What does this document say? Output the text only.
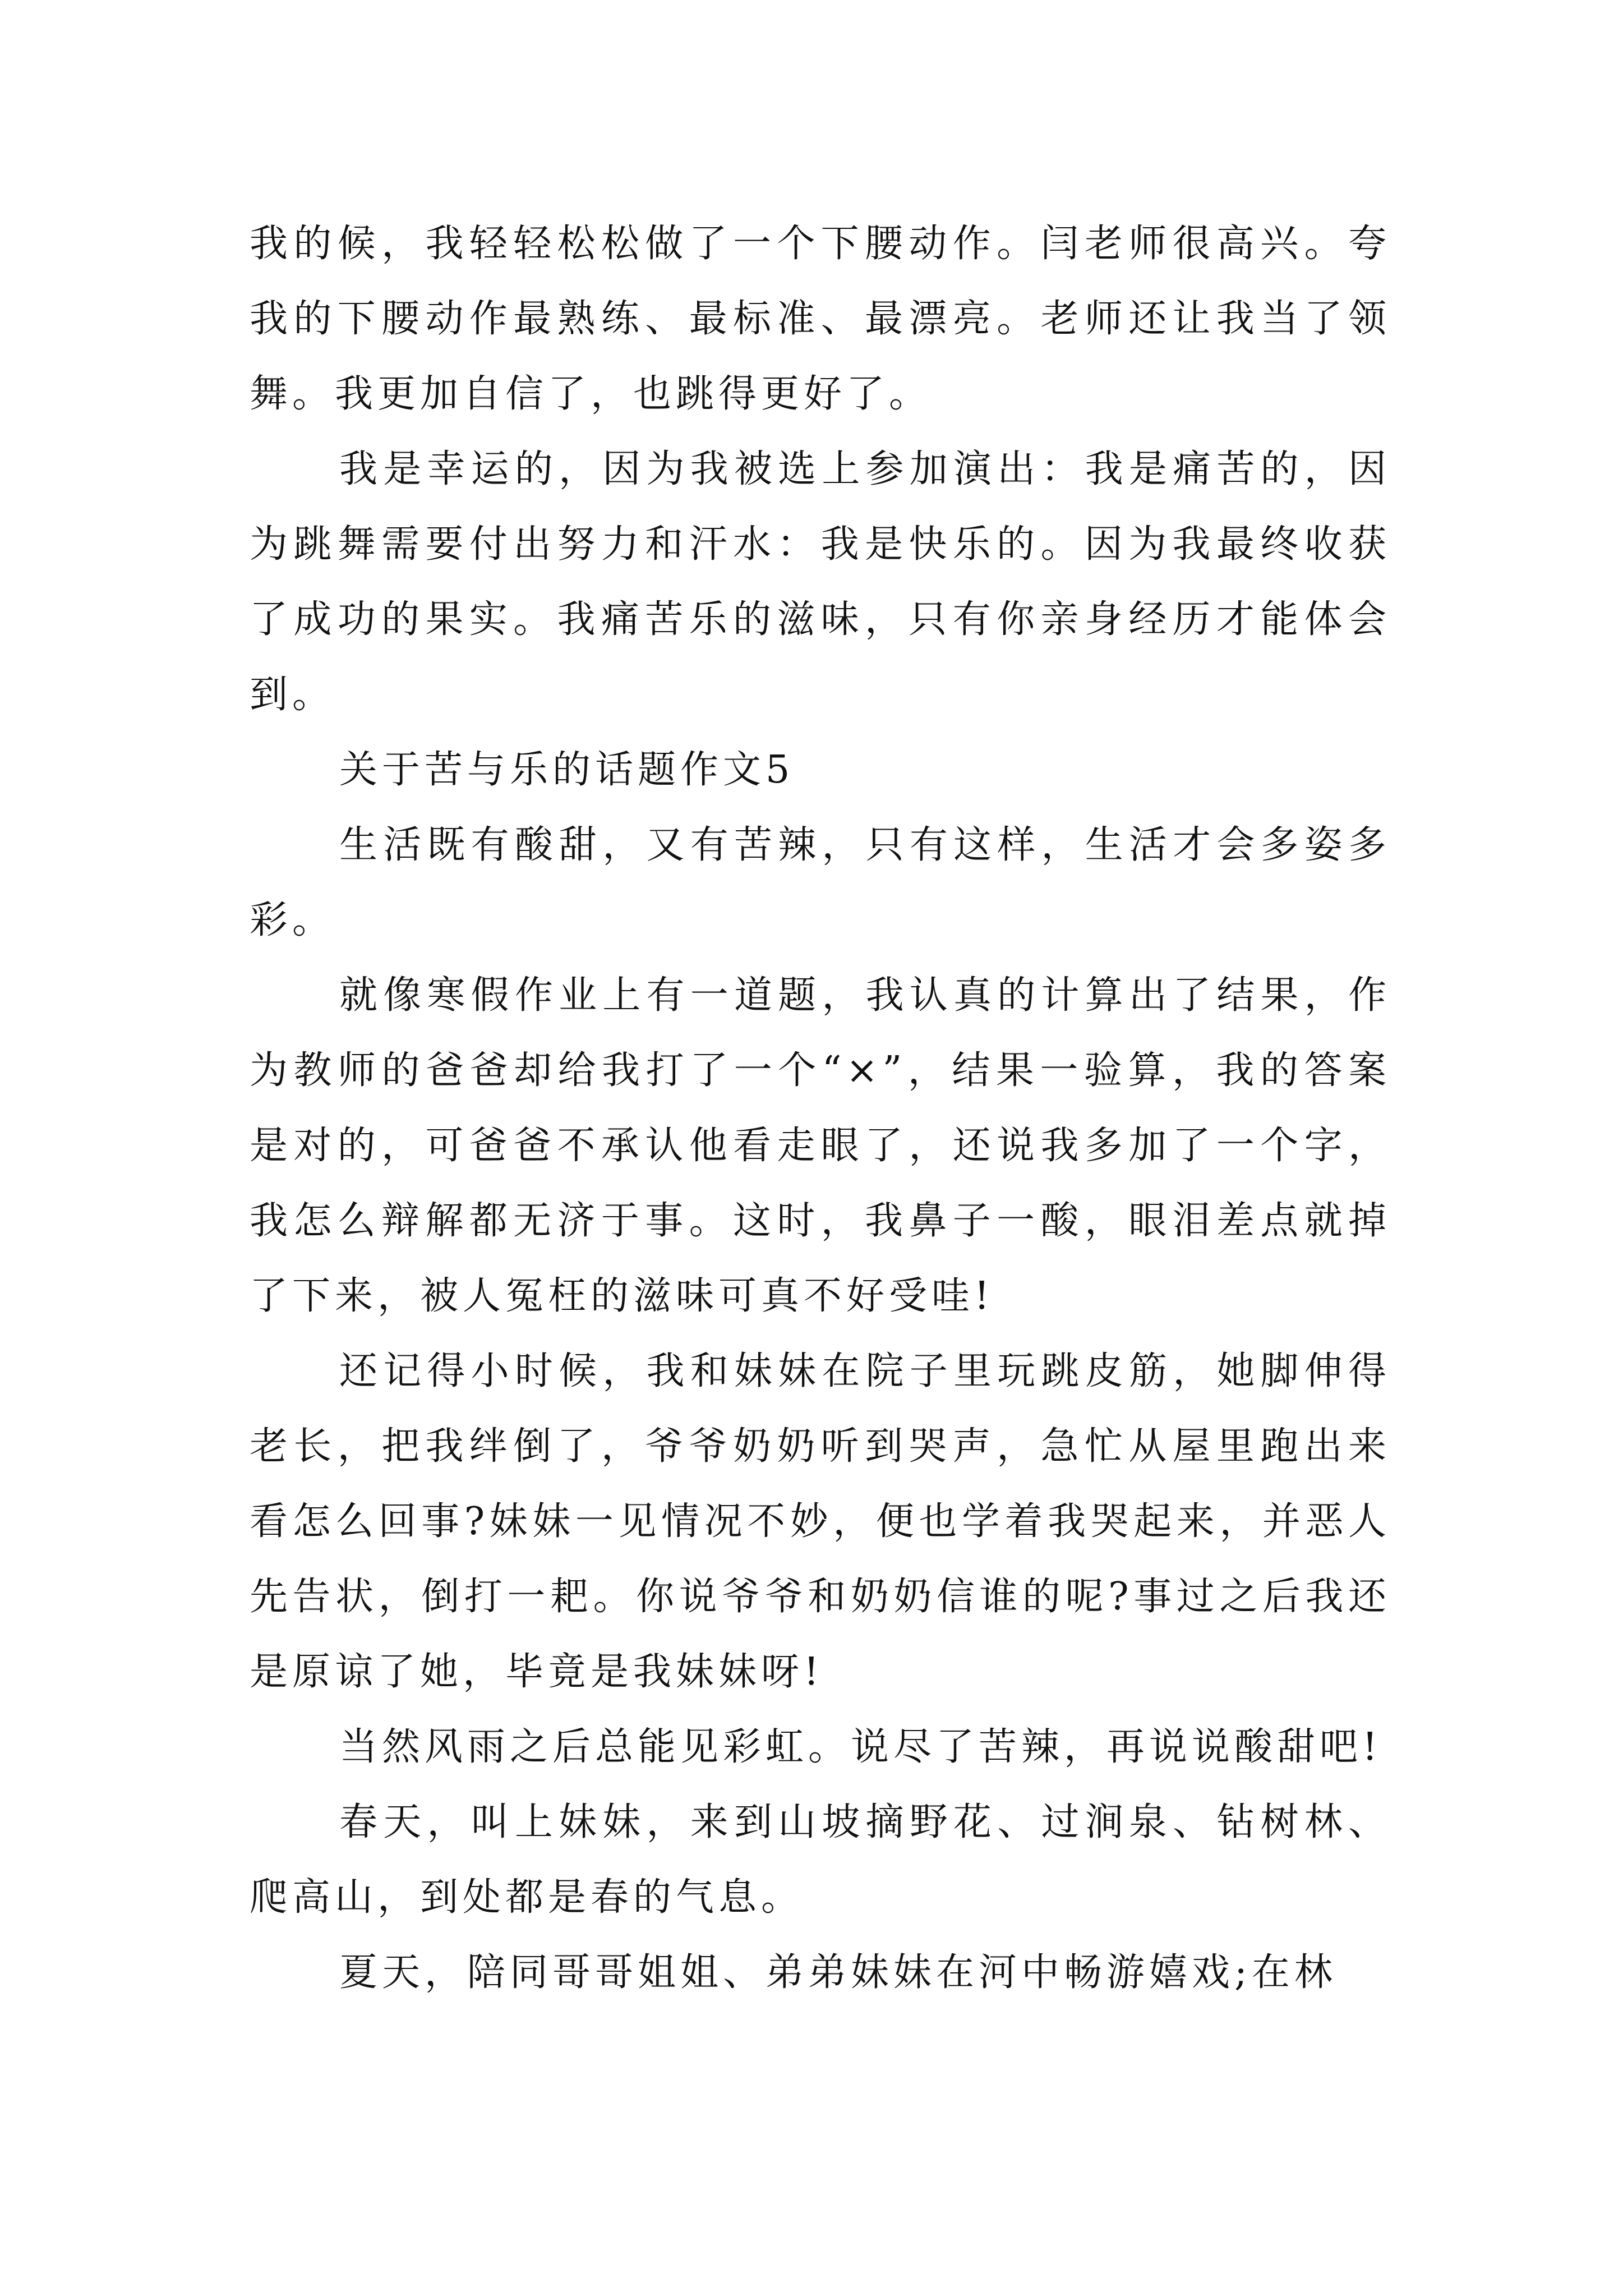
我的候，我轻轻松松做了一个下腰动作。闫老师很高兴。夸我的下腰动作最熟练、最标准、最漂亮。老师还让我当了领舞。我更加自信了，也跳得更好了。

我是幸运的，因为我被选上参加演出：我是痛苦的，因为跳舞需要付出努力和汗水：我是快乐的。因为我最终收获了成功的果实。我痛苦乐的滋味，只有你亲身经历才能体会到。

关于苦与乐的话题作文5

生活既有酸甜，又有苦辣，只有这样，生活才会多姿多彩。

就像寒假作业上有一道题，我认真的计算出了结果，作为教师的爸爸却给我打了一个“×”，结果一验算，我的答案是对的，可爸爸不承认他看走眼了，还说我多加了一个字，我怎么辩解都无济于事。这时，我鼻子一酸，眼泪差点就掉了下来，被人冤枉的滋味可真不好受哇!

还记得小时候，我和妹妹在院子里玩跳皮筋，她脚伸得老长，把我绊倒了，爷爷奶奶听到哭声，急忙从屋里跑出来看怎么回事?妹妹一见情况不妙，便也学着我哭起来，并恶人先告状，倒打一耙。你说爷爷和奶奶信谁的呢?事过之后我还是原谅了她，毕竟是我妹妹呀!

当然风雨之后总能见彩虹。说尽了苦辣，再说说酸甜吧!

春天，叫上妹妹，来到山坡摘野花、过涧泉、钻树林、爬高山，到处都是春的气息。

夏天，陪同哥哥姐姐、弟弟妹妹在河中畅游嬉戏;在林
